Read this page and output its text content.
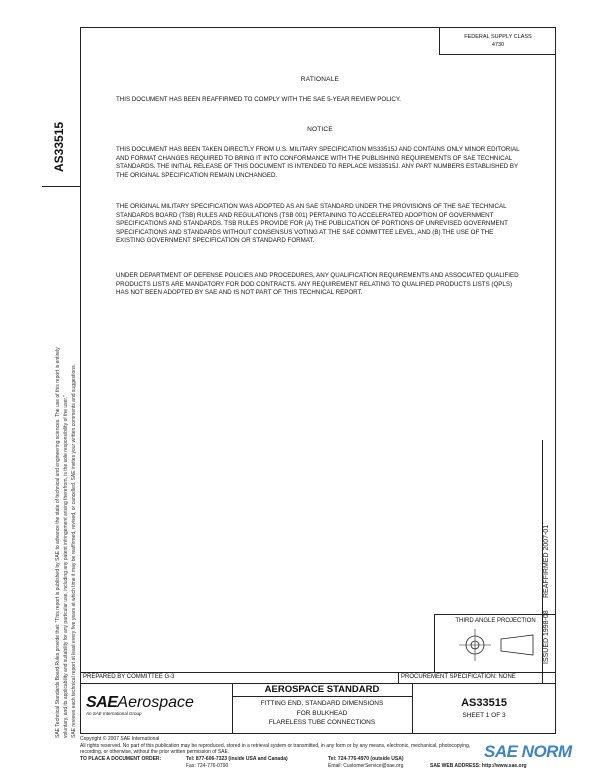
FEDERAL SUPPLY CLASS
4730
AS33515
SAE Technical Standards Board Rules provide that: "This report is published by SAE to advance the state of technical and engineering sciences. The use of this report is entirely voluntary, and its applicability and suitability for any particular use, including any patent infringement arising therefrom, is the sole responsibility of the user." SAE reviews each technical report at least every five years at which time it may be reaffirmed, revised, or cancelled. SAE invites your written comments and suggestions.
RATIONALE
THIS DOCUMENT HAS BEEN REAFFIRMED TO COMPLY WITH THE SAE 5-YEAR REVIEW POLICY.
NOTICE
THIS DOCUMENT HAS BEEN TAKEN DIRECTLY FROM U.S. MILITARY SPECIFICATION MS33515J AND CONTAINS ONLY MINOR EDITORIAL AND FORMAT CHANGES REQUIRED TO BRING IT INTO CONFORMANCE WITH THE PUBLISHING REQUIREMENTS OF SAE TECHNICAL STANDARDS. THE INITIAL RELEASE OF THIS DOCUMENT IS INTENDED TO REPLACE MS33515J. ANY PART NUMBERS ESTABLISHED BY THE ORIGINAL SPECIFICATION REMAIN UNCHANGED.
THE ORIGINAL MILITARY SPECIFICATION WAS ADOPTED AS AN SAE STANDARD UNDER THE PROVISIONS OF THE SAE TECHNICAL STANDARDS BOARD (TSB) RULES AND REGULATIONS (TSB 001) PERTAINING TO ACCELERATED ADOPTION OF GOVERNMENT SPECIFICATIONS AND STANDARDS. TSB RULES PROVIDE FOR (A) THE PUBLICATION OF PORTIONS OF UNREVISED GOVERNMENT SPECIFICATIONS AND STANDARDS WITHOUT CONSENSUS VOTING AT THE SAE COMMITTEE LEVEL, AND (B) THE USE OF THE EXISTING GOVERNMENT SPECIFICATION OR STANDARD FORMAT.
UNDER DEPARTMENT OF DEFENSE POLICIES AND PROCEDURES, ANY QUALIFICATION REQUIREMENTS AND ASSOCIATED QUALIFIED PRODUCTS LISTS ARE MANDATORY FOR DOD CONTRACTS. ANY REQUIREMENT RELATING TO QUALIFIED PRODUCTS LISTS (QPLS) HAS NOT BEEN ADOPTED BY SAE AND IS NOT PART OF THIS TECHNICAL REPORT.
REAFFIRMED 2007-01
ISSUED 1998-08
THIRD ANGLE PROJECTION
PREPARED BY COMMITTEE G-3	PROCUREMENT SPECIFICATION: NONE
SAEAerospace
An SAE International Group
AEROSPACE STANDARD
FITTING END, STANDARD DIMENSIONS
FOR BULKHEAD
FLARELESS TUBE CONNECTIONS
AS33515
SHEET 1 OF 3
Copyright © 2007 SAE International
All rights reserved. No part of this publication may be reproduced, stored in a retrieval system or transmitted, in any form or by any means, electronic, mechanical, photocopying,
recording, or otherwise, without the prior written permission of SAE.
TO PLACE A DOCUMENT ORDER:	Tel: 877-606-7323 (inside USA and Canada)
Fax: 724-776-0790
Tel: 724-776-4970 (outside USA)
Email: CustomerService@sae.org	SAE WEB ADDRESS: http://www.sae.org
SAE NORM
